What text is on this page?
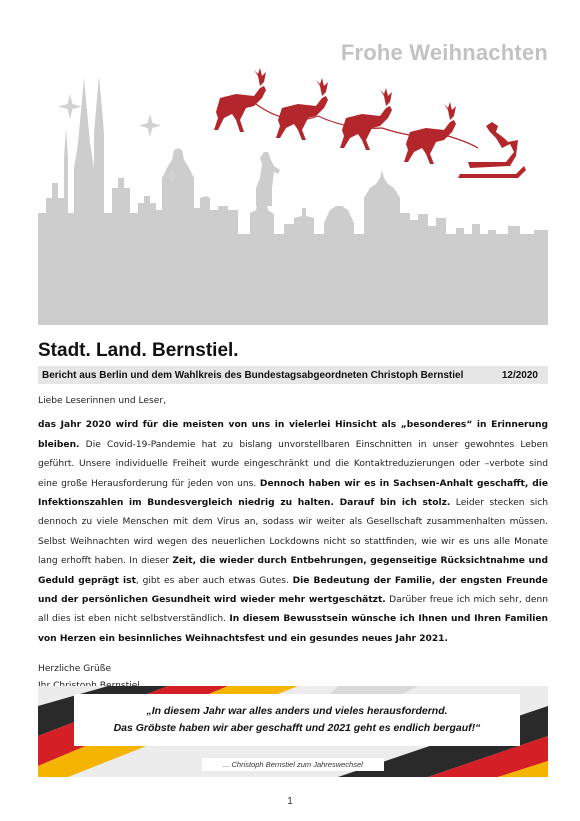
Frohe Weihnachten
Stadt. Land. Bernstiel.
Bericht aus Berlin und dem Wahlkreis des Bundestagsabgeordneten Christoph Bernstiel	12/2020
Liebe Leserinnen und Leser,

das Jahr 2020 wird für die meisten von uns in vielerlei Hinsicht als „besonderes“ in Erinnerung bleiben. Die Covid-19-Pandemie hat zu bislang unvorstellbaren Einschnitten in unser gewohntes Leben geführt. Unsere individuelle Freiheit wurde eingeschränkt und die Kontaktreduzierungen oder –verbote sind eine große Herausforderung für jeden von uns. Dennoch haben wir es in Sachsen-Anhalt geschafft, die Infektionszahlen im Bundesvergleich niedrig zu halten. Darauf bin ich stolz. Leider stecken sich dennoch zu viele Menschen mit dem Virus an, sodass wir weiter als Gesellschaft zusammenhalten müssen. Selbst Weihnachten wird wegen des neuerlichen Lockdowns nicht so stattfinden, wie wir es uns alle Monate lang erhofft haben. In dieser Zeit, die wieder durch Entbehrungen, gegenseitige Rücksichtnahme und Geduld geprägt ist, gibt es aber auch etwas Gutes. Die Bedeutung der Familie, der engsten Freunde und der persönlichen Gesundheit wird wieder mehr wertgeschätzt. Darüber freue ich mich sehr, denn all dies ist eben nicht selbstverständlich. In diesem Bewusstsein wünsche ich Ihnen und Ihren Familien von Herzen ein besinnliches Weihnachtsfest und ein gesundes neues Jahr 2021.

Herzliche Grüße
„In diesem Jahr war alles anders und vieles herausfordernd.
Das Gröbste haben wir aber geschafft und 2021 geht es endlich bergauf!“
... Christoph Bernstiel zum Jahreswechsel
1
